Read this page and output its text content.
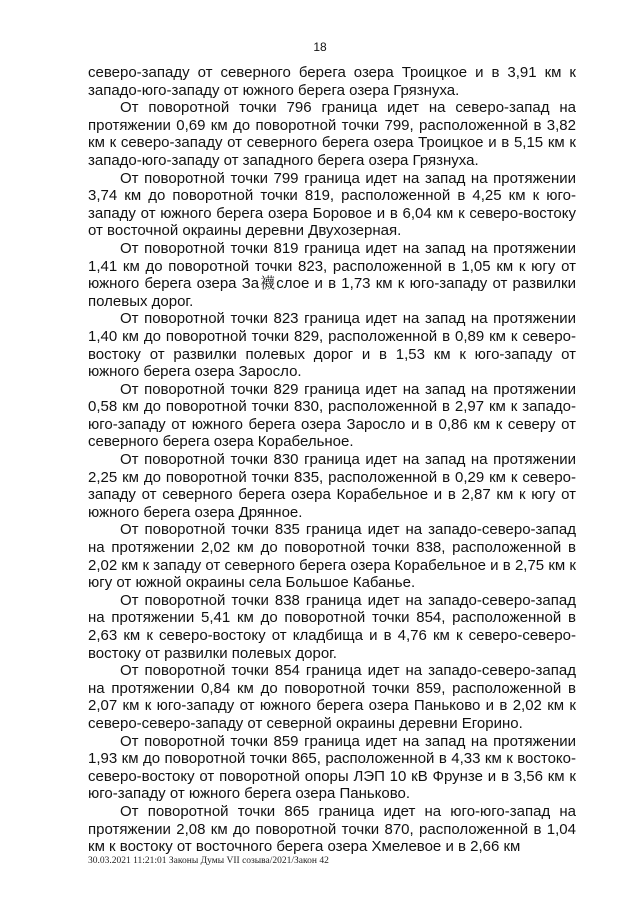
18

северо-западу от северного берега озера Троицкое и в 3,91 км к западо-юго-западу от южного берега озера Грязнуха.

От поворотной точки 796 граница идет на северо-запад на протяжении 0,69 км до поворотной точки 799, расположенной в 3,82 км к северо-западу от северного берега озера Троицкое и в 5,15 км к западо-юго-западу от западного берега озера Грязнуха.

От поворотной точки 799 граница идет на запад на протяжении 3,74 км до поворотной точки 819, расположенной в 4,25 км к юго-западу от южного берега озера Боровое и в 6,04 км к северо-востоку от восточной окраины деревни Двухозерная.

От поворотной точки 819 граница идет на запад на протяжении 1,41 км до поворотной точки 823, расположенной в 1,05 км к югу от южного берега озера За襪слое и в 1,73 км к юго-западу от развилки полевых дорог.

От поворотной точки 823 граница идет на запад на протяжении 1,40 км до поворотной точки 829, расположенной в 0,89 км к северо-востоку от развилки полевых дорог и в 1,53 км к юго-западу от южного берега озера Заросло.

От поворотной точки 829 граница идет на запад на протяжении 0,58 км до поворотной точки 830, расположенной в 2,97 км к западо-юго-западу от южного берега озера Заросло и в 0,86 км к северу от северного берега озера Корабельное.

От поворотной точки 830 граница идет на запад на протяжении 2,25 км до поворотной точки 835, расположенной в 0,29 км к северо-западу от северного берега озера Корабельное и в 2,87 км к югу от южного берега озера Дрянное.

От поворотной точки 835 граница идет на западо-северо-запад на протяжении 2,02 км до поворотной точки 838, расположенной в 2,02 км к западу от северного берега озера Корабельное и в 2,75 км к югу от южной окраины села Большое Кабанье.

От поворотной точки 838 граница идет на западо-северо-запад на протяжении 5,41 км до поворотной точки 854, расположенной в 2,63 км к северо-востоку от кладбища и в 4,76 км к северо-северо-востоку от развилки полевых дорог.

От поворотной точки 854 граница идет на западо-северо-запад на протяжении 0,84 км до поворотной точки 859, расположенной в 2,07 км к юго-западу от южного берега озера Паньково и в 2,02 км к северо-северо-западу от северной окраины деревни Егорино.

От поворотной точки 859 граница идет на запад на протяжении 1,93 км до поворотной точки 865, расположенной в 4,33 км к востоко-северо-востоку от поворотной опоры ЛЭП 10 кВ Фрунзе и в 3,56 км к юго-западу от южного берега озера Паньково.

От поворотной точки 865 граница идет на юго-юго-запад на протяжении 2,08 км до поворотной точки 870, расположенной в 1,04 км к востоку от восточного берега озера Хмелевое и в 2,66 км

30.03.2021 11:21:01 Законы Думы VII созыва/2021/Закон 42
